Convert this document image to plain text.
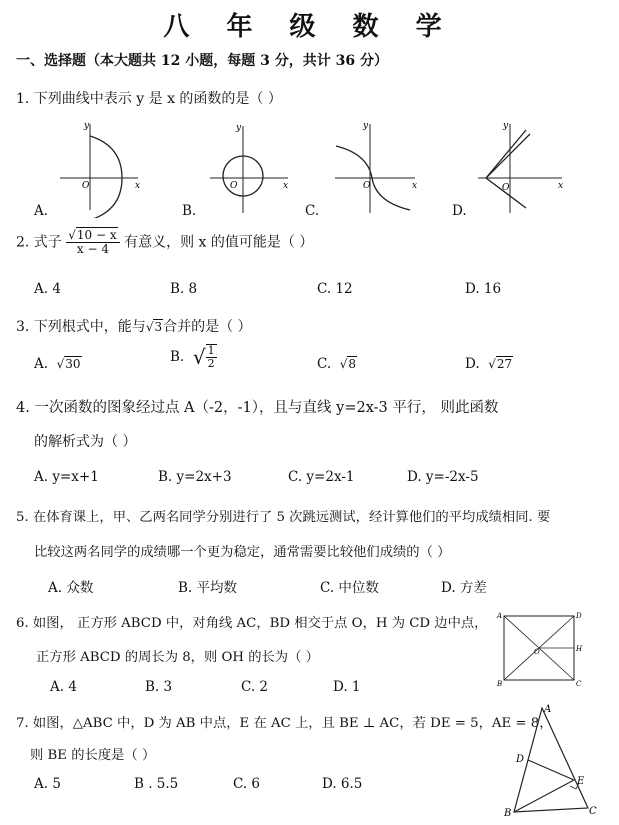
八 年 级 数 学
一、选择题（本大题共 12 小题，每题 3 分，共计 36 分）
1. 下列曲线中表示 y 是 x 的函数的是（ ）
x
y
O	x
y
O	x
y
O	x
y
O
A.	B.	C.	D.
2. 式子 $\frac{√10 - x}{x - 4}$ 有意义，则 x 的值可能是（ ）
A. 4	B. 8	C. 12	D. 16
3. 下列根式中，能与√3合并的是（ ）
A. √30	B. √ $\frac{1}{2}$	C. √8	D. √27
4. 一次函数的图象经过点 A（-2，-1），且与直线 y=2x-3 平行， 则此函数
的解析式为（ ）
A. y=x+1	B. y=2x+3	C. y=2x-1	D. y=-2x-5
5. 在体育课上，甲、乙两名同学分别进行了 5 次跳远测试，经计算他们的平均成绩相同. 要
比较这两名同学的成绩哪一个更为稳定，通常需要比较他们成绩的（ ）
A. 众数	B. 平均数	C. 中位数	D. 方差
6. 如图， 正方形 ABCD 中，对角线 AC，BD 相交于点 O，H 为 CD 边中点，
正方形 ABCD 的周长为 8，则 OH 的长为（ ）
A. 4	B. 3	C. 2	D. 1
A	D
H
O
B	C
7. 如图，△ABC 中，D 为 AB 中点，E 在 AC 上，且 BE ⊥ AC，若 DE = 5，AE = 8，
则 BE 的长度是（ ）
A. 5	B . 5.5	C. 6	D. 6.5
A
D
E
B	C
